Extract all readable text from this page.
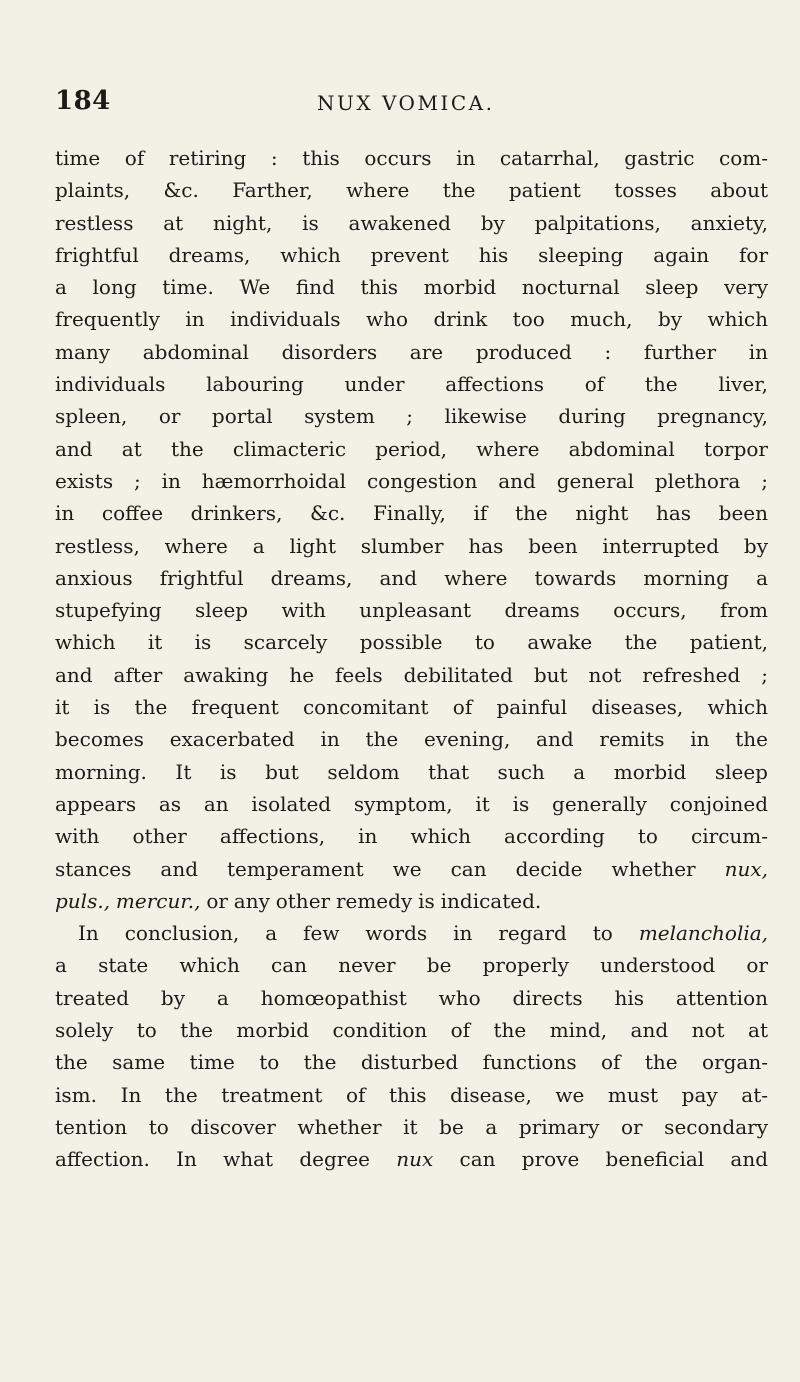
184	NUX VOMICA.
time of retiring : this occurs in catarrhal, gastric com-
plaints, &c. Farther, where the patient tosses about
restless at night, is awakened by palpitations, anxiety,
frightful dreams, which prevent his sleeping again for
a long time. We find this morbid nocturnal sleep very
frequently in individuals who drink too much, by which
many abdominal disorders are produced : further in
individuals labouring under affections of the liver,
spleen, or portal system ; likewise during pregnancy,
and at the climacteric period, where abdominal torpor
exists ; in hæmorrhoidal congestion and general plethora ;
in coffee drinkers, &c. Finally, if the night has been
restless, where a light slumber has been interrupted by
anxious frightful dreams, and where towards morning a
stupefying sleep with unpleasant dreams occurs, from
which it is scarcely possible to awake the patient,
and after awaking he feels debilitated but not refreshed ;
it is the frequent concomitant of painful diseases, which
becomes exacerbated in the evening, and remits in the
morning. It is but seldom that such a morbid sleep
appears as an isolated symptom, it is generally conjoined
with other affections, in which according to circum-
stances and temperament we can decide whether nux,
puls., mercur., or any other remedy is indicated.
In conclusion, a few words in regard to melancholia,
a state which can never be properly understood or
treated by a homœopathist who directs his attention
solely to the morbid condition of the mind, and not at
the same time to the disturbed functions of the organ-
ism. In the treatment of this disease, we must pay at-
tention to discover whether it be a primary or secondary
affection. In what degree nux can prove beneficial and
